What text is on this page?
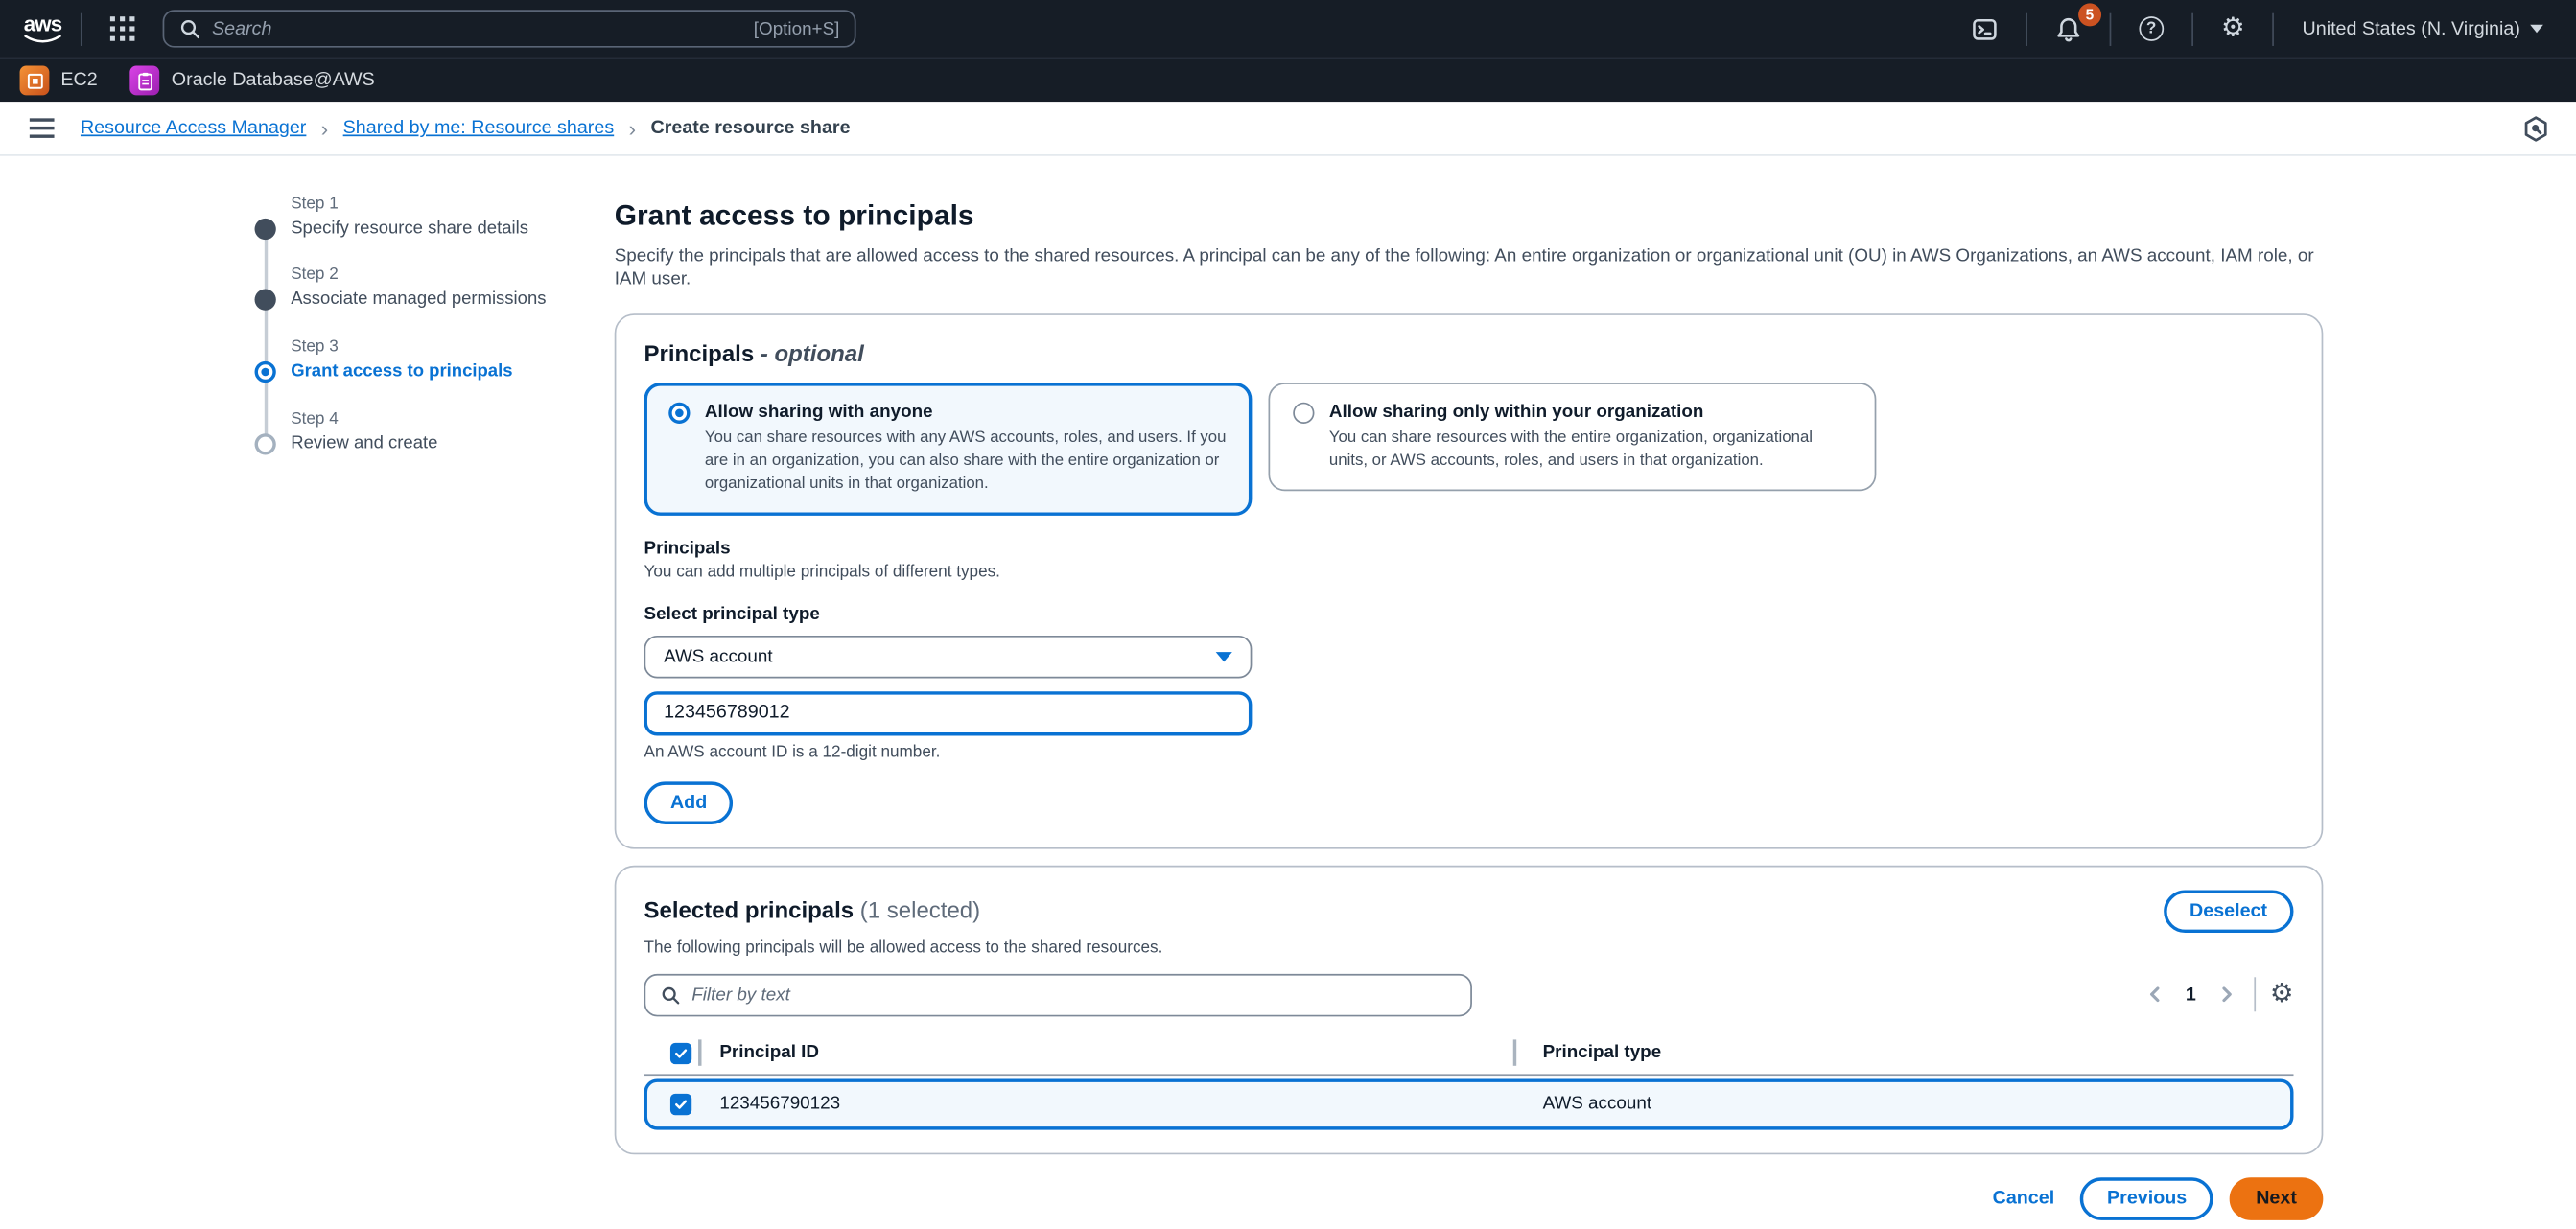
aws
Search	[Option+S]
5
?	⚙	United States (N. Virginia)
EC2	Oracle Database@AWS
Resource Access Manager › Shared by me: Resource shares › Create resource share
Step 1
Specify resource share details
Step 2
Associate managed permissions
Step 3
Grant access to principals
Step 4
Review and create
Grant access to principals

Specify the principals that are allowed access to the shared resources. A principal can be any of the following: An entire organization or organizational unit (OU) in AWS Organizations, an AWS account, IAM role, or IAM user.

Principals - optional
Allow sharing with anyone
You can share resources with any AWS accounts, roles, and users. If you are in an organization, you can also share with the entire organization or organizational units in that organization.
Allow sharing only within your organization
You can share resources with the entire organization, organizational units, or AWS accounts, roles, and users in that organization.
Principals
You can add multiple principals of different types.
Select principal type
AWS account
123456789012
An AWS account ID is a 12-digit number.
Add
Selected principals (1 selected)	Deselect
The following principals will be allowed access to the shared resources.
Filter by text
1	⚙
Principal ID	Principal type
123456790123	AWS account
Cancel	Previous	Next
